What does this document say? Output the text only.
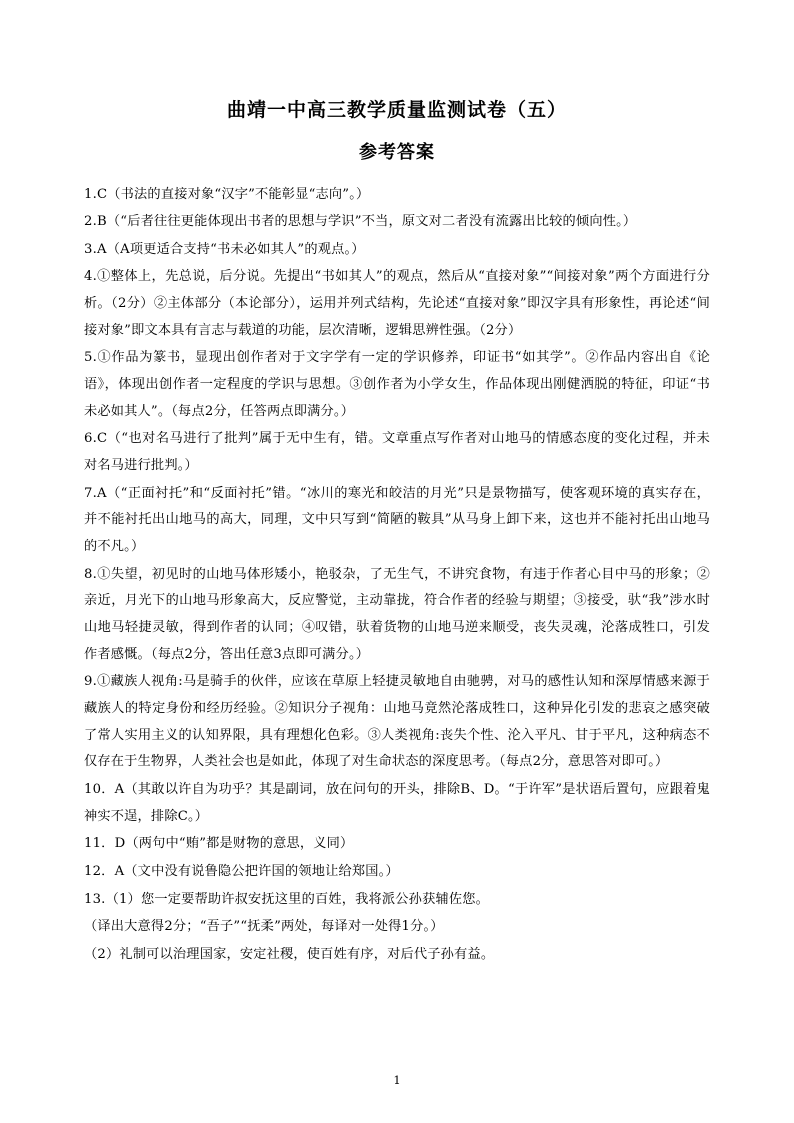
曲靖一中高三教学质量监测试卷（五）
参考答案

1.C（书法的直接对象“汉字”不能彰显“志向”。）

2.B（“后者往往更能体现出书者的思想与学识”不当，原文对二者没有流露出比较的倾向性。）

3.A（A项更适合支持“书未必如其人”的观点。）

4.①整体上，先总说，后分说。先提出“书如其人”的观点，然后从“直接对象”“间接对象”两个方面进行分析。（2分）②主体部分（本论部分），运用并列式结构，先论述“直接对象”即汉字具有形象性，再论述“间接对象”即文本具有言志与载道的功能，层次清晰，逻辑思辨性强。（2分）

5.①作品为篆书，显现出创作者对于文字学有一定的学识修养，印证书“如其学”。②作品内容出自《论语》，体现出创作者一定程度的学识与思想。③创作者为小学女生，作品体现出刚健洒脱的特征，印证“书未必如其人”。（每点2分，任答两点即满分。）

6.C（“也对名马进行了批判”属于无中生有，错。文章重点写作者对山地马的情感态度的变化过程，并未对名马进行批判。）

7.A（“正面衬托”和“反面衬托”错。“冰川的寒光和皎洁的月光”只是景物描写，使客观环境的真实存在，并不能衬托出山地马的高大，同理，文中只写到“简陋的鞍具”从马身上卸下来，这也并不能衬托出山地马的不凡。）

8.①失望，初见时的山地马体形矮小，艳驳杂，了无生气，不讲究食物，有违于作者心目中马的形象；②亲近，月光下的山地马形象高大，反应警觉，主动靠拢，符合作者的经验与期望；③接受，驮“我”涉水时山地马轻捷灵敏，得到作者的认同；④叹错，驮着货物的山地马逆来顺受，丧失灵魂，沦落成牲口，引发作者感慨。（每点2分，答出任意3点即可满分。）

9.①藏族人视角:马是骑手的伙伴，应该在草原上轻捷灵敏地自由驰骋，对马的感性认知和深厚情感来源于藏族人的特定身份和经历经验。②知识分子视角：山地马竟然沦落成牲口，这种异化引发的悲哀之感突破了常人实用主义的认知界限，具有理想化色彩。③人类视角:丧失个性、沦入平凡、甘于平凡，这种病态不仅存在于生物界，人类社会也是如此，体现了对生命状态的深度思考。（每点2分，意思答对即可。）

10．A（其敢以许自为功乎？其是副词，放在问句的开头，排除B、D。“于许军”是状语后置句，应跟着鬼神实不逞，排除C。）

11．D（两句中“贿”都是财物的意思，义同）

12．A（文中没有说鲁隐公把许国的领地让给郑国。）

13.（1）您一定要帮助许叔安抚这里的百姓，我将派公孙获辅佐您。

（译出大意得2分；“吾子”“抚柔”两处，每译对一处得1分。）

（2）礼制可以治理国家，安定社稷，使百姓有序，对后代子孙有益。

1
